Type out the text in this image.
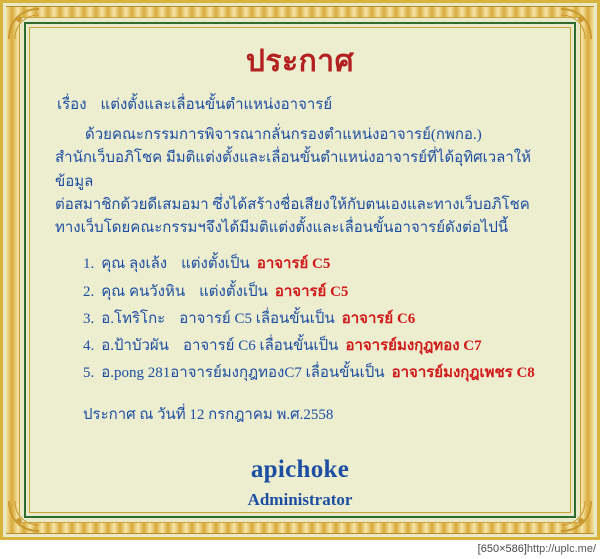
ประกาศ
เรื่อง แต่งตั้งและเลื่อนขั้นตำแหน่งอาจารย์
ด้วยคณะกรรมการพิจารณากลั่นกรองตำแหน่งอาจารย์(กพกอ.)
สำนักเว็บอภิโชค มีมติแต่งตั้งและเลื่อนขั้นตำแหน่งอาจารย์ที่ได้อุทิศเวลาให้ข้อมูล
ต่อสมาชิกด้วยดีเสมอมา ซึ่งได้สร้างชื่อเสียงให้กับตนเองและทางเว็บอภิโชค
ทางเว็บโดยคณะกรรมฯจึงได้มีมติแต่งตั้งและเลื่อนขั้นอาจารย์ดังต่อไปนี้
1. คุณ ลุงเล้ง แต่งตั้งเป็น อาจารย์ C5
2. คุณ คนวังหิน แต่งตั้งเป็น อาจารย์ C5
3. อ.โทริโกะ อาจารย์ C5 เลื่อนขั้นเป็น อาจารย์ C6
4. อ.ป้าบัวผัน อาจารย์ C6 เลื่อนขั้นเป็น อาจารย์มงกุฎทอง C7
5. อ.pong 281อาจารย์มงกุฎทองC7 เลื่อนขั้นเป็น อาจารย์มงกุฎเพชร C8
ประกาศ ณ วันที่ 12 กรกฎาคม พ.ศ.2558
apichoke
Administrator
[650×586]http://uplc.me/
